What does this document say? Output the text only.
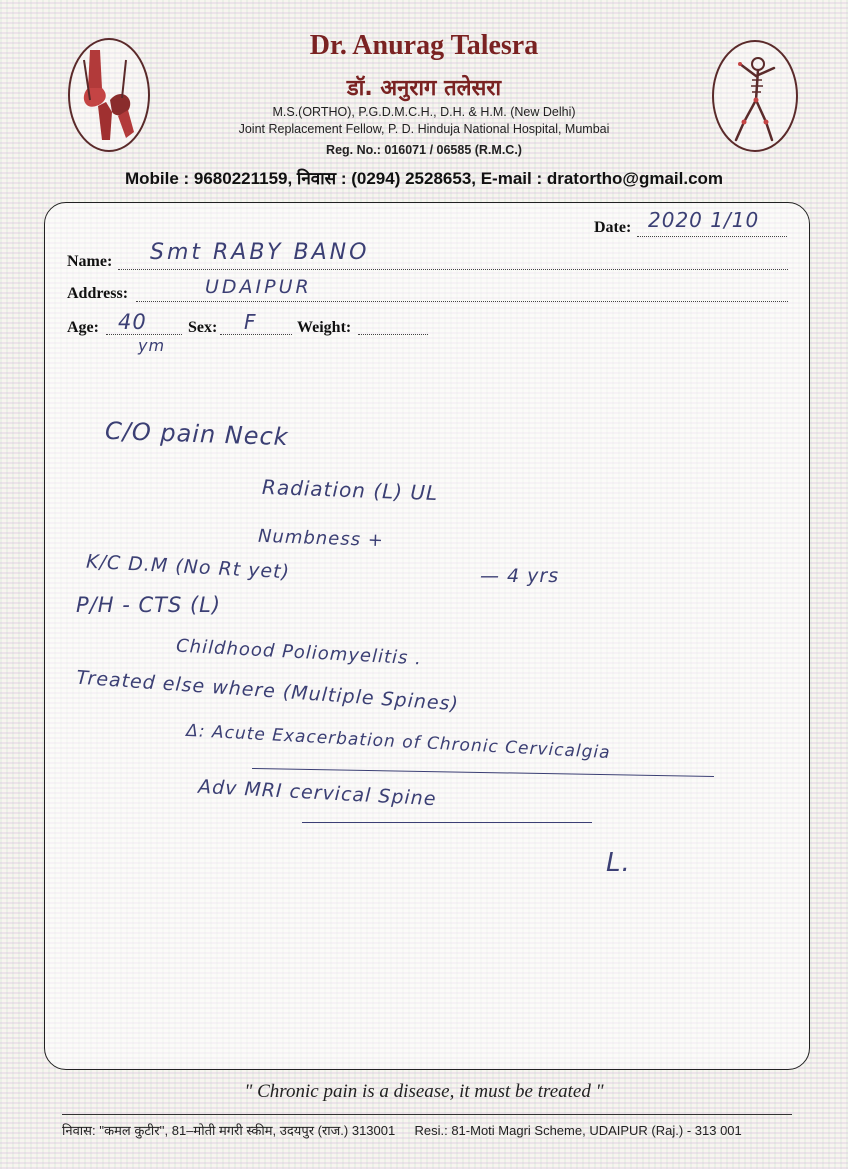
Dr. Anurag Talesra
डॉ. अनुराग तलेसरा
M.S.(ORTHO), P.G.D.M.C.H., D.H. & H.M. (New Delhi)
Joint Replacement Fellow, P. D. Hinduja National Hospital, Mumbai
Reg. No.: 016071 / 06585 (R.M.C.)
Mobile : 9680221159, निवास : (0294) 2528653, E-mail : dratortho@gmail.com
Date: 2020 1/10
Name: Smt RABY BANO
Address:	UDAIPUR
Age: 40
ym
Sex: F	Weight:
C/O pain Neck
Radiation (L) UL
Numbness +
K/C D.M (No Rt yet)	— 4 yrs
P/H - CTS (L)
Childhood Poliomyelitis .
Treated else where (Multiple Spines)
Δ: Acute Exacerbation of Chronic Cervicalgia
Adv MRI cervical Spine
L.
" Chronic pain is a disease, it must be treated "
निवास: ''कमल कुटीर'', 81–मोती मगरी स्कीम, उदयपुर (राज.) 313001 Resi.: 81-Moti Magri Scheme, UDAIPUR (Raj.) - 313 001
